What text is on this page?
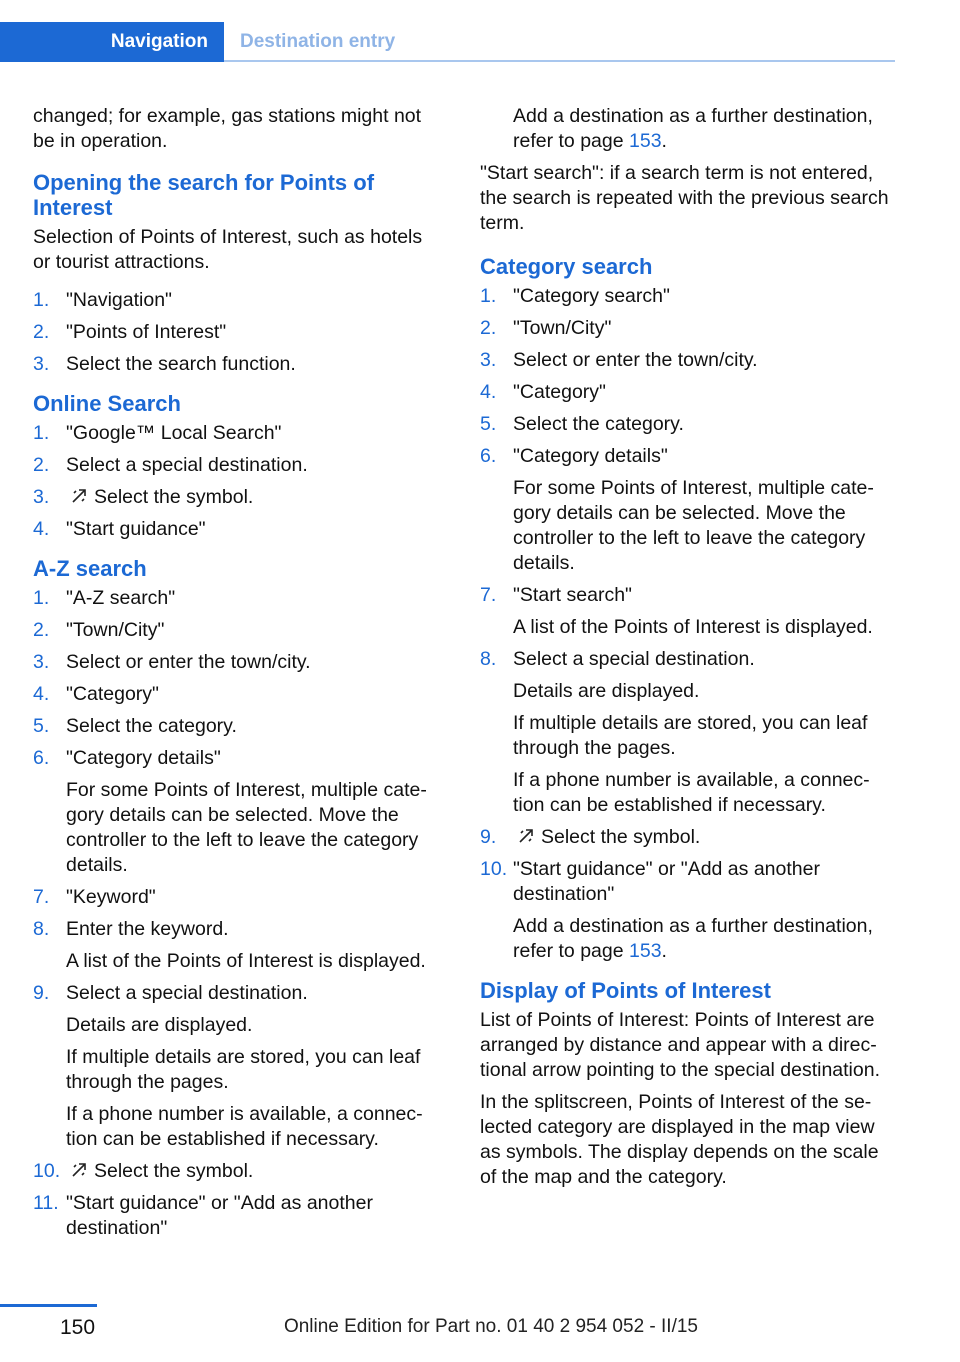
Navigation	Destination entry

changed; for example, gas stations might not be in operation.

Opening the search for Points of Interest

Selection of Points of Interest, such as hotels or tourist attractions.

1. "Navigation"
2. "Points of Interest"
3. Select the search function.
Online Search
1. "Google™ Local Search"
2. Select a special destination.
3.	Select the symbol.
4. "Start guidance"
A-Z search
1. "A-Z search"
2. "Town/City"
3. Select or enter the town/city.
4. "Category"
5. Select the category.
6. "Category details"
For some Points of Interest, multiple cate-gory details can be selected. Move the controller to the left to leave the category details.
7. "Keyword"
8. Enter the keyword.
A list of the Points of Interest is displayed.
9. Select a special destination.
Details are displayed.
If multiple details are stored, you can leaf through the pages.
If a phone number is available, a connec-tion can be established if necessary.
10.	Select the symbol.
11. "Start guidance" or "Add as another destination"

Add a destination as a further destination, refer to page 153.

"Start search": if a search term is not entered, the search is repeated with the previous search term.

Category search
1. "Category search"
2. "Town/City"
3. Select or enter the town/city.
4. "Category"
5. Select the category.
6. "Category details"
For some Points of Interest, multiple cate-gory details can be selected. Move the controller to the left to leave the category details.
7. "Start search"
A list of the Points of Interest is displayed.
8. Select a special destination.
Details are displayed.
If multiple details are stored, you can leaf through the pages.
If a phone number is available, a connec-tion can be established if necessary.
9.	Select the symbol.
10. "Start guidance" or "Add as another destination"
Add a destination as a further destination, refer to page 153.
Display of Points of Interest

List of Points of Interest: Points of Interest are arranged by distance and appear with a direc-tional arrow pointing to the special destination.

In the splitscreen, Points of Interest of the se-lected category are displayed in the map view as symbols. The display depends on the scale of the map and the category.

150	Online Edition for Part no. 01 40 2 954 052 - II/15
